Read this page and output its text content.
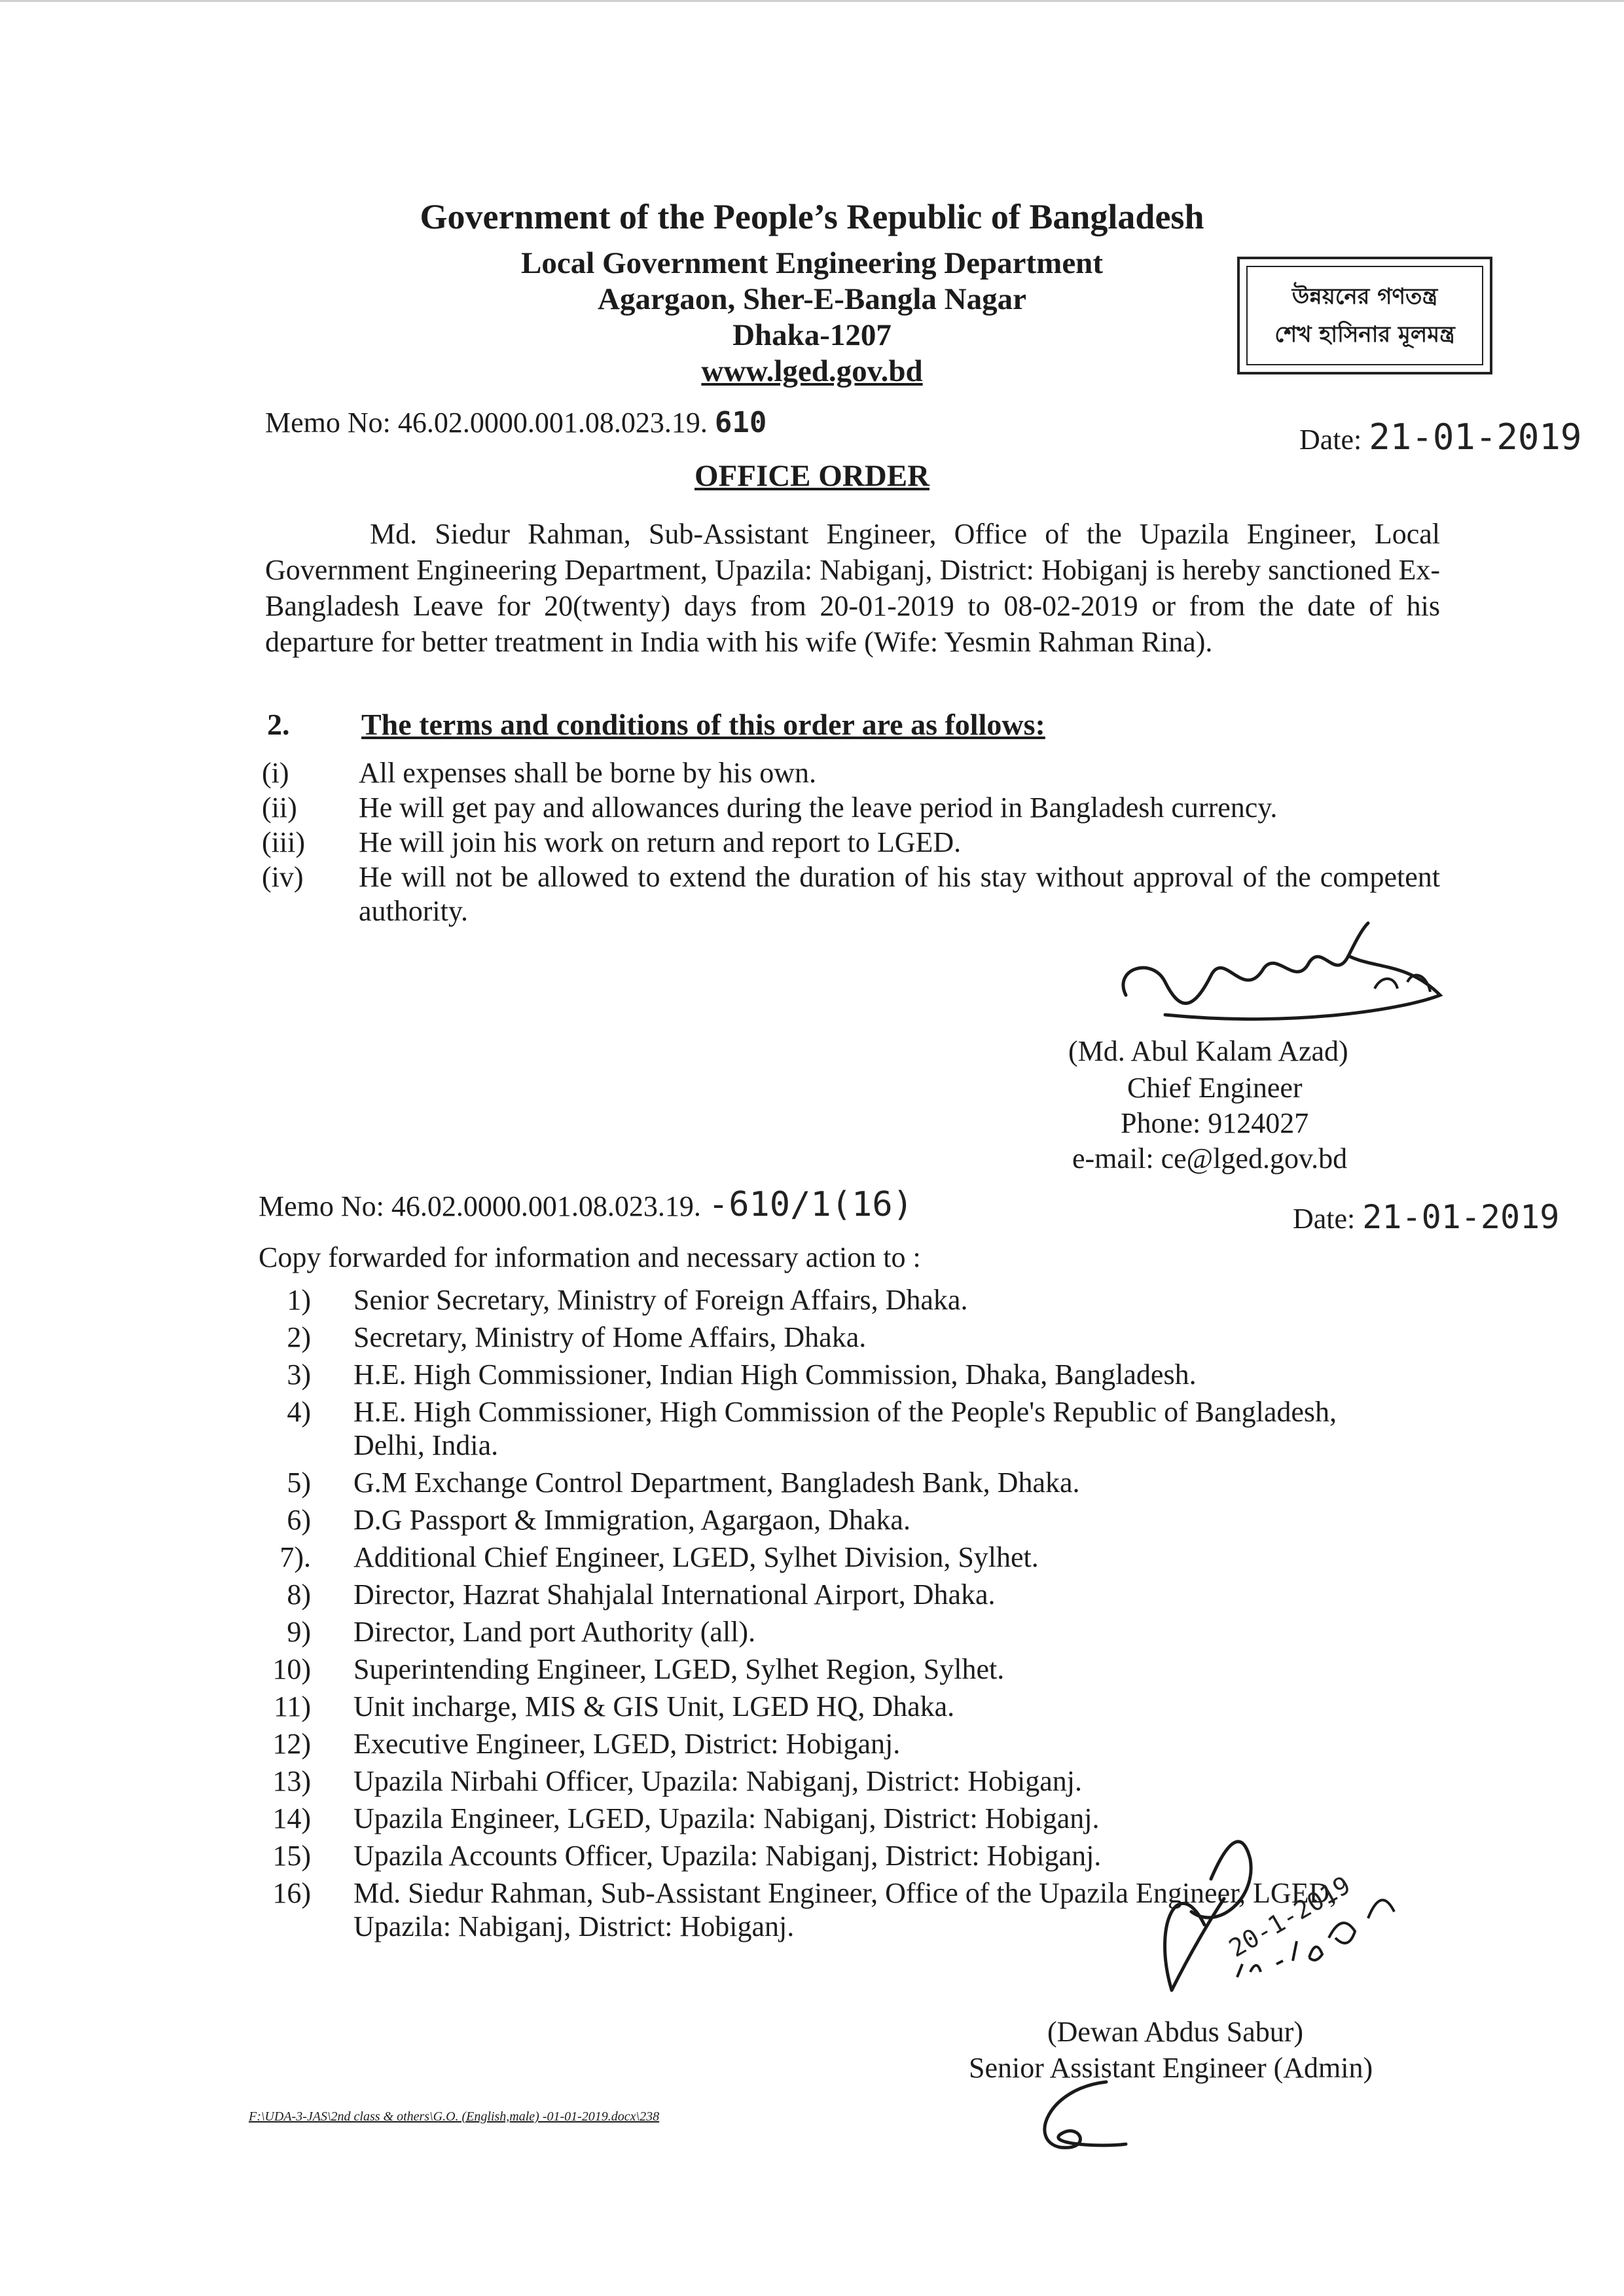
Government of the People’s Republic of Bangladesh
Local Government Engineering Department
Agargaon, Sher-E-Bangla Nagar
Dhaka-1207
www.lged.gov.bd
উন্নয়নের গণতন্ত্র
শেখ হাসিনার মূলমন্ত্র
Memo No: 46.02.0000.001.08.023.19. 610
Date: 21-01-2019
OFFICE ORDER
Md. Siedur Rahman, Sub-Assistant Engineer, Office of the Upazila Engineer, Local Government Engineering Department, Upazila: Nabiganj, District: Hobiganj is hereby sanctioned Ex-Bangladesh Leave for 20(twenty) days from 20-01-2019 to 08-02-2019 or from the date of his departure for better treatment in India with his wife (Wife: Yesmin Rahman Rina).
2. The terms and conditions of this order are as follows:
(i) All expenses shall be borne by his own.
(ii) He will get pay and allowances during the leave period in Bangladesh currency.
(iii) He will join his work on return and report to LGED.
(iv) He will not be allowed to extend the duration of his stay without approval of the competent authority.
(Md. Abul Kalam Azad)
Chief Engineer
Phone: 9124027
e-mail: ce@lged.gov.bd
Memo No: 46.02.0000.001.08.023.19. -610/1(16)	Date: 21-01-2019
Copy forwarded for information and necessary action to :
1) Senior Secretary, Ministry of Foreign Affairs, Dhaka.
2) Secretary, Ministry of Home Affairs, Dhaka.
3) H.E. High Commissioner, Indian High Commission, Dhaka, Bangladesh.
4) H.E. High Commissioner, High Commission of the People's Republic of Bangladesh,
Delhi, India.
5) G.M Exchange Control Department, Bangladesh Bank, Dhaka.
6) D.G Passport & Immigration, Agargaon, Dhaka.
7). Additional Chief Engineer, LGED, Sylhet Division, Sylhet.
8) Director, Hazrat Shahjalal International Airport, Dhaka.
9) Director, Land port Authority (all).
10) Superintending Engineer, LGED, Sylhet Region, Sylhet.
11) Unit incharge, MIS & GIS Unit, LGED HQ, Dhaka.
12) Executive Engineer, LGED, District: Hobiganj.
13) Upazila Nirbahi Officer, Upazila: Nabiganj, District: Hobiganj.
14) Upazila Engineer, LGED, Upazila: Nabiganj, District: Hobiganj.
15) Upazila Accounts Officer, Upazila: Nabiganj, District: Hobiganj.
16) Md. Siedur Rahman, Sub-Assistant Engineer, Office of the Upazila Engineer, LGED,
Upazila: Nabiganj, District: Hobiganj.
(Dewan Abdus Sabur)
Senior Assistant Engineer (Admin)
20-1-2019
F:\UDA-3-JAS\2nd class & others\G.O. (English,male) -01-01-2019.docx\238
